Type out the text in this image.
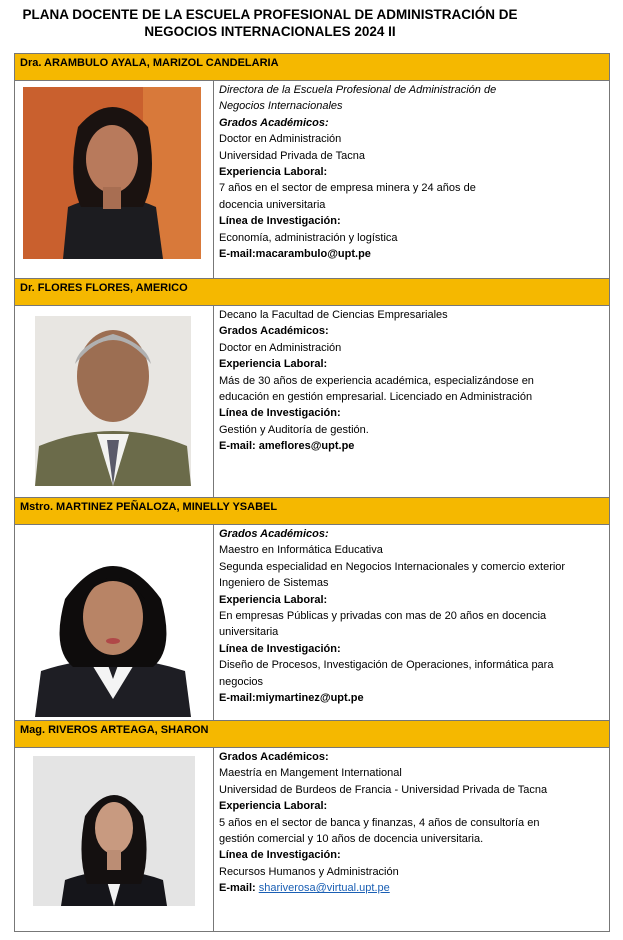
PLANA DOCENTE DE LA ESCUELA PROFESIONAL DE ADMINISTRACIÓN DE
NEGOCIOS INTERNACIONALES 2024 II
Dra. ARAMBULO AYALA, MARIZOL CANDELARIA
Directora de la Escuela Profesional de Administración de
Negocios Internacionales
Grados Académicos:
Doctor en Administración
Universidad Privada de Tacna
Experiencia Laboral:
7 años en el sector de empresa minera y 24 años de
docencia universitaria
Línea de Investigación:
Economía, administración y logística
E-mail:macarambulo@upt.pe
Dr. FLORES FLORES, AMERICO
Decano la Facultad de Ciencias Empresariales
Grados Académicos:
Doctor en Administración
Experiencia Laboral:
Más de 30 años de experiencia académica, especializándose en
educación en gestión empresarial. Licenciado en Administración
Línea de Investigación:
Gestión y Auditoría de gestión.
E-mail: ameflores@upt.pe
Mstro. MARTINEZ PEÑALOZA, MINELLY YSABEL
Grados Académicos:
Maestro en Informática Educativa
Segunda especialidad en Negocios Internacionales y comercio exterior
Ingeniero de Sistemas
Experiencia Laboral:
En empresas Públicas y privadas con mas de 20 años en docencia
universitaria
Línea de Investigación:
Diseño de Procesos, Investigación de Operaciones, informática para
negocios
E-mail:miymartinez@upt.pe
Mag. RIVEROS ARTEAGA, SHARON
Grados Académicos:
Maestría en Mangement International
Universidad de Burdeos de Francia - Universidad Privada de Tacna
Experiencia Laboral:
5 años en el sector de banca y finanzas, 4 años de consultoría en
gestión comercial y 10 años de docencia universitaria.
Línea de Investigación:
Recursos Humanos y Administración
E-mail: shariverosa@virtual.upt.pe
